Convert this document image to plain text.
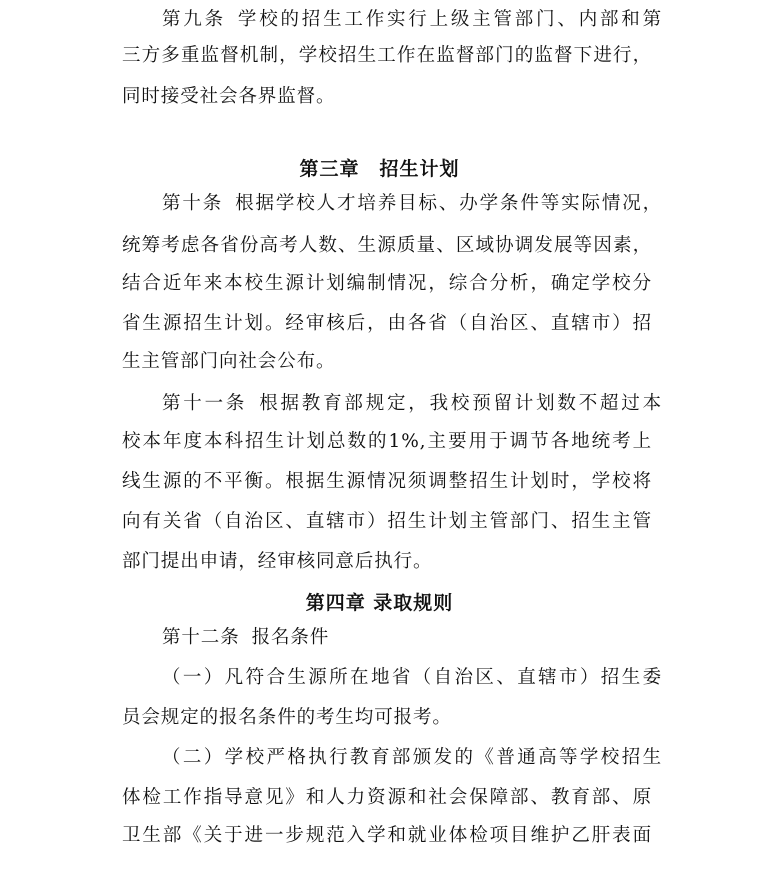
第九条 学校的招生工作实行上级主管部门、内部和第
三方多重监督机制，学校招生工作在监督部门的监督下进行，
同时接受社会各界监督。
第三章　招生计划
第十条 根据学校人才培养目标、办学条件等实际情况，
统筹考虑各省份高考人数、生源质量、区域协调发展等因素，
结合近年来本校生源计划编制情况，综合分析，确定学校分
省生源招生计划。经审核后，由各省（自治区、直辖市）招
生主管部门向社会公布。
第十一条 根据教育部规定，我校预留计划数不超过本
校本年度本科招生计划总数的1%,主要用于调节各地统考上
线生源的不平衡。根据生源情况须调整招生计划时，学校将
向有关省（自治区、直辖市）招生计划主管部门、招生主管
部门提出申请，经审核同意后执行。
第四章 录取规则
第十二条 报名条件
（一）凡符合生源所在地省（自治区、直辖市）招生委
员会规定的报名条件的考生均可报考。
（二）学校严格执行教育部颁发的《普通高等学校招生
体检工作指导意见》和人力资源和社会保障部、教育部、原
卫生部《关于进一步规范入学和就业体检项目维护乙肝表面
